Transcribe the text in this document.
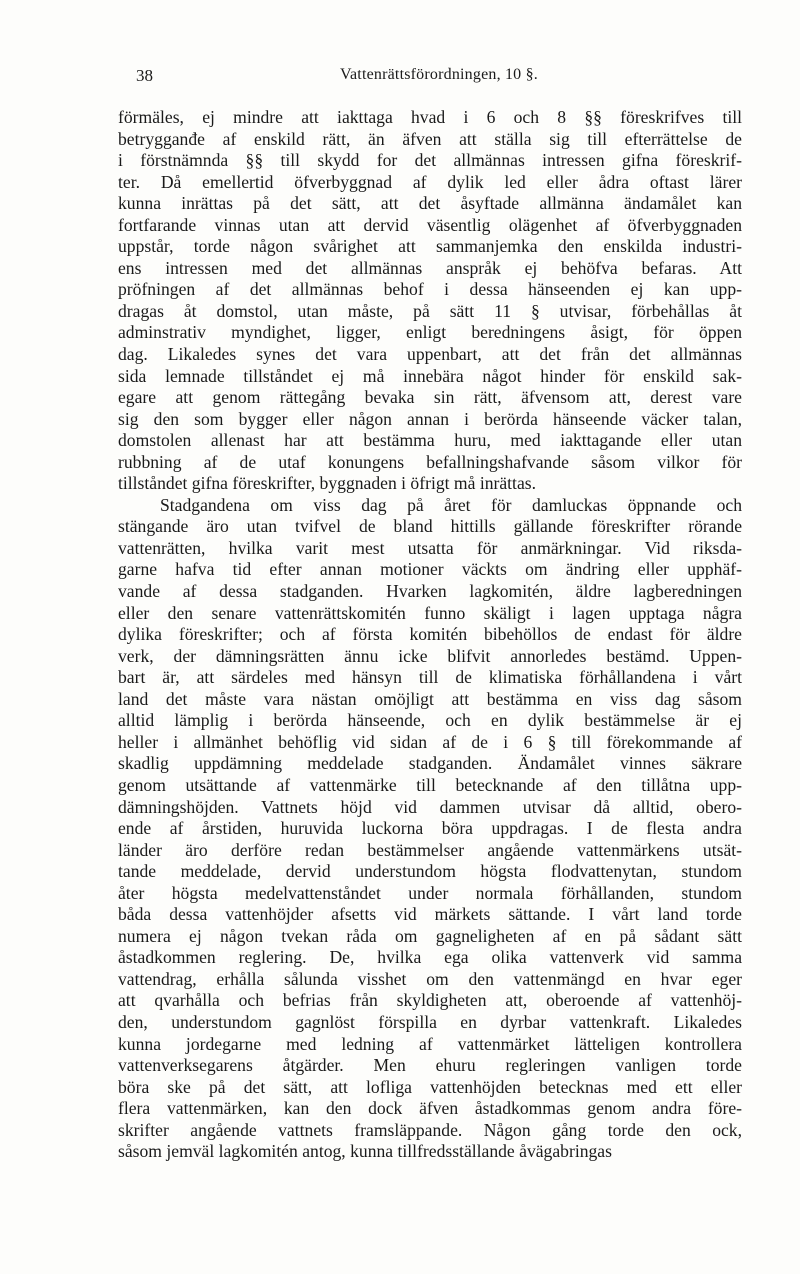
38	Vattenrättsförordningen, 10 §.
förmäles, ej mindre att iakttaga hvad i 6 och 8 §§ föreskrifves till
betrygganđe af enskild rätt, än äfven att ställa sig till efterrättelse de
i förstnämnda §§ till skydd for det allmännas intressen gifna föreskrif-
ter. Då emellertid öfverbyggnad af dylik led eller ådra oftast lärer
kunna inrättas på det sätt, att det åsyftade allmänna ändamålet kan
fortfarande vinnas utan att dervid väsentlig olägenhet af öfverbyggnaden
uppstår, torde någon svårighet att sammanjemka den enskilda industri-
ens intressen med det allmännas anspråk ej behöfva befaras. Att
pröfningen af det allmännas behof i dessa hänseenden ej kan upp-
dragas åt domstol, utan måste, på sätt 11 § utvisar, förbehållas åt
adminstrativ myndighet, ligger, enligt beredningens åsigt, för öppen
dag. Likaledes synes det vara uppenbart, att det från det allmännas
sida lemnade tillståndet ej må innebära något hinder för enskild sak-
egare att genom rättegång bevaka sin rätt, äfvensom att, derest vare
sig den som bygger eller någon annan i berörda hänseende väcker talan,
domstolen allenast har att bestämma huru, med iakttagande eller utan
rubbning af de utaf konungens befallningshafvande såsom vilkor för
tillståndet gifna föreskrifter, byggnaden i öfrigt må inrättas.
Stadgandena om viss dag på året för damluckas öppnande och
stängande äro utan tvifvel de bland hittills gällande föreskrifter rörande
vattenrätten, hvilka varit mest utsatta för anmärkningar. Vid riksda-
garne hafva tid efter annan motioner väckts om ändring eller upphäf-
vande af dessa stadganden. Hvarken lagkomitén, äldre lagberedningen
eller den senare vattenrättskomitén funno skäligt i lagen upptaga några
dylika föreskrifter; och af första komitén bibehöllos de endast för äldre
verk, der dämningsrätten ännu icke blifvit annorledes bestämd. Uppen-
bart är, att särdeles med hänsyn till de klimatiska förhållandena i vårt
land det måste vara nästan omöjligt att bestämma en viss dag såsom
alltid lämplig i berörda hänseende, och en dylik bestämmelse är ej
heller i allmänhet behöflig vid sidan af de i 6 § till förekommande af
skadlig uppdämning meddelade stadganden. Ändamålet vinnes säkrare
genom utsättande af vattenmärke till betecknande af den tillåtna upp-
dämningshöjden. Vattnets höjd vid dammen utvisar då alltid, obero-
ende af årstiden, huruvida luckorna böra uppdragas. I de flesta andra
länder äro derföre redan bestämmelser angående vattenmärkens utsät-
tande meddelade, dervid understundom högsta flodvattenytan, stundom
åter högsta medelvattenståndet under normala förhållanden, stundom
båda dessa vattenhöjder afsetts vid märkets sättande. I vårt land torde
numera ej någon tvekan råda om gagneligheten af en på sådant sätt
åstadkommen reglering. De, hvilka ega olika vattenverk vid samma
vattendrag, erhålla sålunda visshet om den vattenmängd en hvar eger
att qvarhålla och befrias från skyldigheten att, oberoende af vattenhöj-
den, understundom gagnlöst förspilla en dyrbar vattenkraft. Likaledes
kunna jordegarne med ledning af vattenmärket lätteligen kontrollera
vattenverksegarens åtgärder. Men ehuru regleringen vanligen torde
böra ske på det sätt, att lofliga vattenhöjden betecknas med ett eller
flera vattenmärken, kan den dock äfven åstadkommas genom andra före-
skrifter angående vattnets framsläppande. Någon gång torde den ock,
såsom jemväl lagkomitén antog, kunna tillfredsställande åvägabringas
